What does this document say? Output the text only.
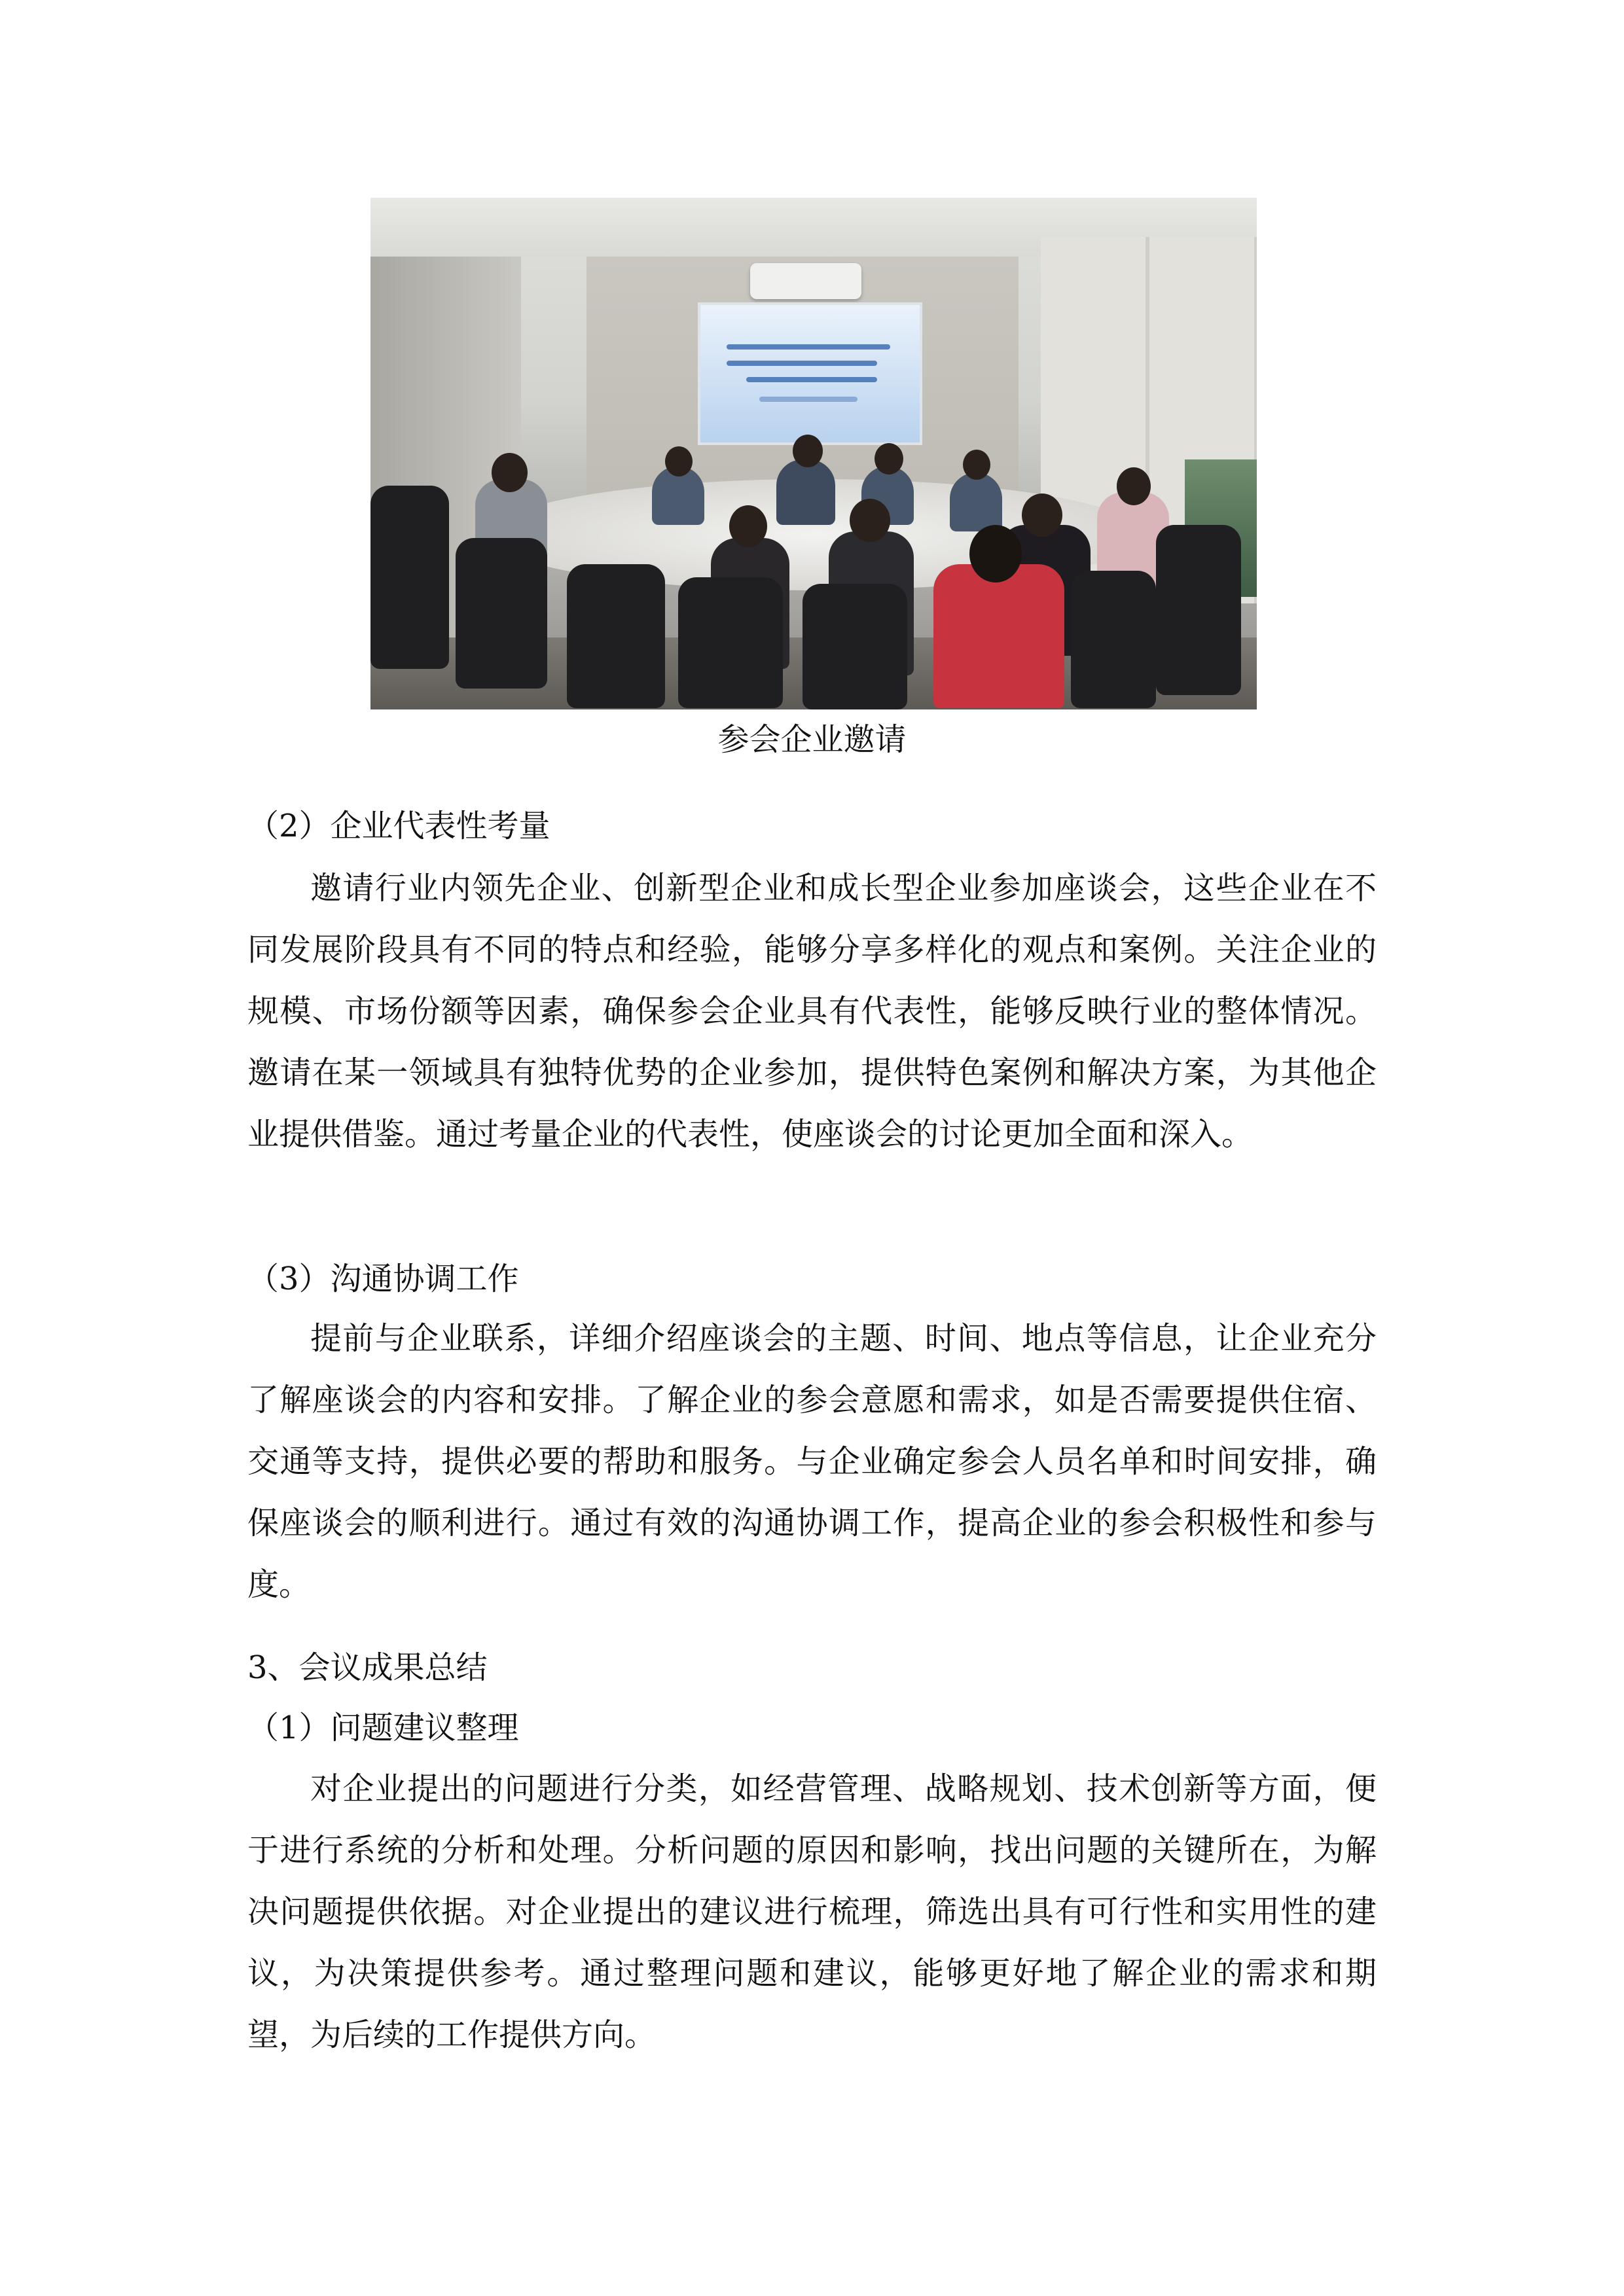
参会企业邀请

（2）企业代表性考量

邀请行业内领先企业、创新型企业和成长型企业参加座谈会，这些企业在不同发展阶段具有不同的特点和经验，能够分享多样化的观点和案例。关注企业的规模、市场份额等因素，确保参会企业具有代表性，能够反映行业的整体情况。邀请在某一领域具有独特优势的企业参加，提供特色案例和解决方案，为其他企业提供借鉴。通过考量企业的代表性，使座谈会的讨论更加全面和深入。

（3）沟通协调工作

提前与企业联系，详细介绍座谈会的主题、时间、地点等信息，让企业充分了解座谈会的内容和安排。了解企业的参会意愿和需求，如是否需要提供住宿、交通等支持，提供必要的帮助和服务。与企业确定参会人员名单和时间安排，确保座谈会的顺利进行。通过有效的沟通协调工作，提高企业的参会积极性和参与度。

3、会议成果总结

（1）问题建议整理

对企业提出的问题进行分类，如经营管理、战略规划、技术创新等方面，便于进行系统的分析和处理。分析问题的原因和影响，找出问题的关键所在，为解决问题提供依据。对企业提出的建议进行梳理，筛选出具有可行性和实用性的建议，为决策提供参考。通过整理问题和建议，能够更好地了解企业的需求和期望，为后续的工作提供方向。
